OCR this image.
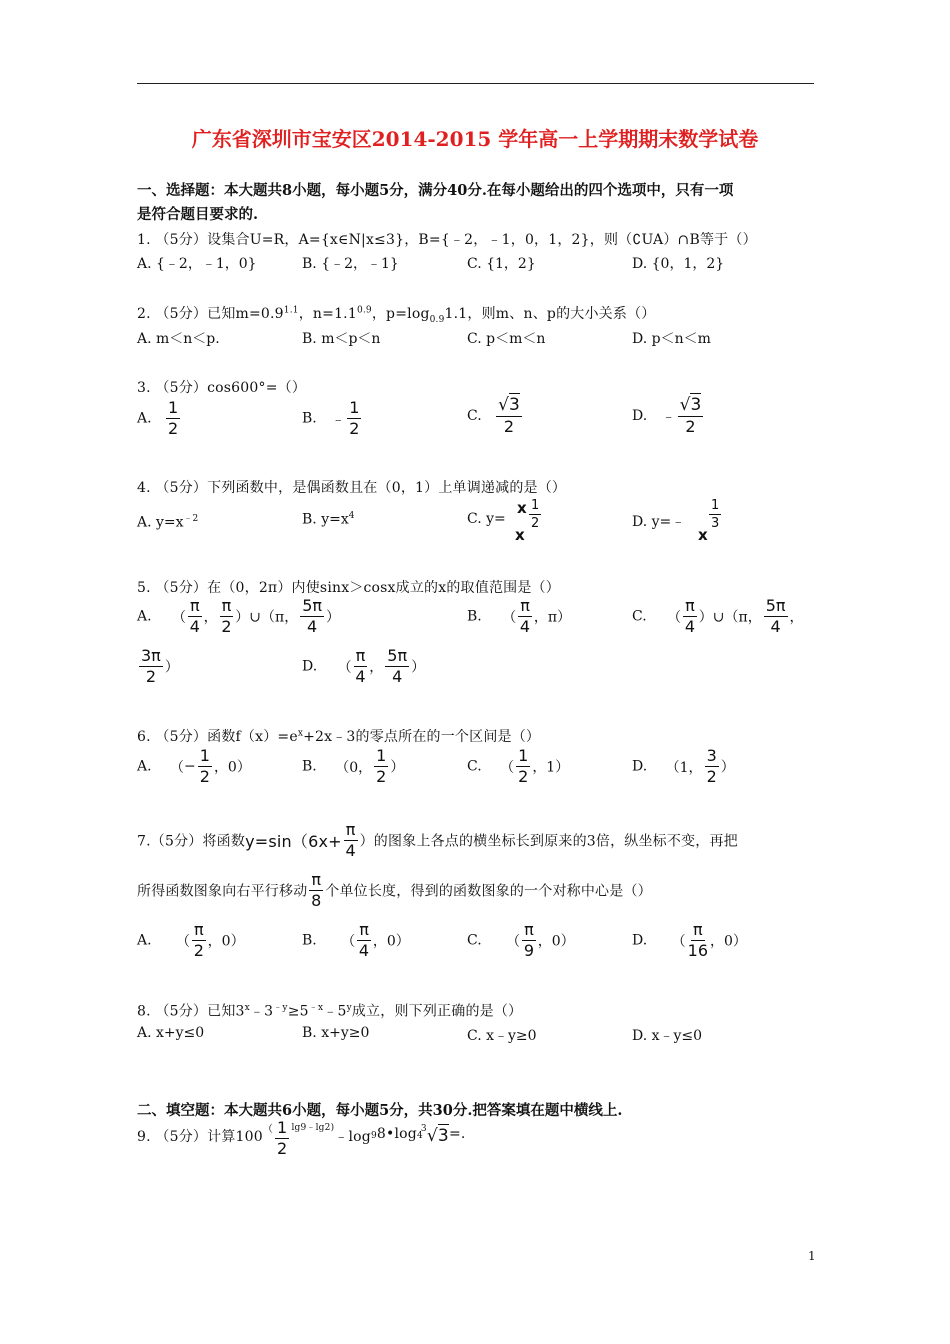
广东省深圳市宝安区2014-2015 学年高一上学期期末数学试卷
一、选择题：本大题共8小题，每小题5分，满分40分.在每小题给出的四个选项中，只有一项
是符合题目要求的.
1. （5分）设集合U=R，A={x∈N|x≤3}，B={﹣2，﹣1，0，1，2}，则（∁UA）∩B等于（）
A. {﹣2，﹣1，0}	B. {﹣2，﹣1}	C. {1，2}	D. {0，1，2}
2. （5分）已知$m=0.9^{1.1}$，$n=1.1^{0.9}$，$p=\log_{0.9}1.1$，则m、n、p的大小关系（）
A. m＜n＜p.	B. m＜p＜n	C. p＜m＜n	D. p＜n＜m
3. （5分）cos600°=（）
A. $\frac{1}{2}$	B. ﹣ $\frac{1}{2}$	C. $\frac{√3}{2}$	D. ﹣ $\frac{√3}{2}$
4. （5分）下列函数中，是偶函数且在（0，1）上单调递减的是（）
A. $y=x^{﹣2}$	B. $y=x^4$	C. y=
x
x
$\frac{1}{2}$	D. y=﹣
x
$\frac{1}{3}$
5. （5分）在（0，2π）内使sinx＞cosx成立的x的取值范围是（）
A. （ $\frac{\pi}{4}$ ， $\frac{\pi}{2}$ ）∪（π， $\frac{5\pi}{4}$ ）	B. （ $\frac{\pi}{4}$ ，π）	C. （ $\frac{\pi}{4}$ ）∪（π， $\frac{5\pi}{4}$ ，
$\frac{3\pi}{2}$ ）	D. （ $\frac{\pi}{4}$ ， $\frac{5\pi}{4}$ ）
6. （5分）函数$f(x)=e^x+2x﹣3$的零点所在的一个区间是（）
A. （− $\frac{1}{2}$ ，0）	B. （0， $\frac{1}{2}$ ）	C. （ $\frac{1}{2}$ ，1）	D. （1， $\frac{3}{2}$ ）
7.（5分）将函数$y=\sin(6x+ \frac{\pi}{4}$ ）的图象上各点的横坐标长到原来的3倍，纵坐标不变，再把
所得函数图象向右平行移动 $\frac{\pi}{8}$ 个单位长度，得到的函数图象的一个对称中心是（）
A. （ $\frac{\pi}{2}$ ，0）	B. （ $\frac{\pi}{4}$ ，0）	C. （ $\frac{\pi}{9}$ ，0）	D. （ $\frac{\pi}{16}$ ，0）
8. （5分）已知$3^x﹣3^{﹣y}\ge 5^{﹣x}﹣5^y$成立，则下列正确的是（）
A. x+y≤0	B. x+y≥0	C. x﹣y≥0	D. x﹣y≤0
二、填空题：本大题共6小题，每小题5分，共30分.把答案填在题中横线上.
9. （5分）计算$100( \frac{1}{2}$ $^{lg9﹣lg2)}﹣\log^98•\log^4$
3 √3=.
1
